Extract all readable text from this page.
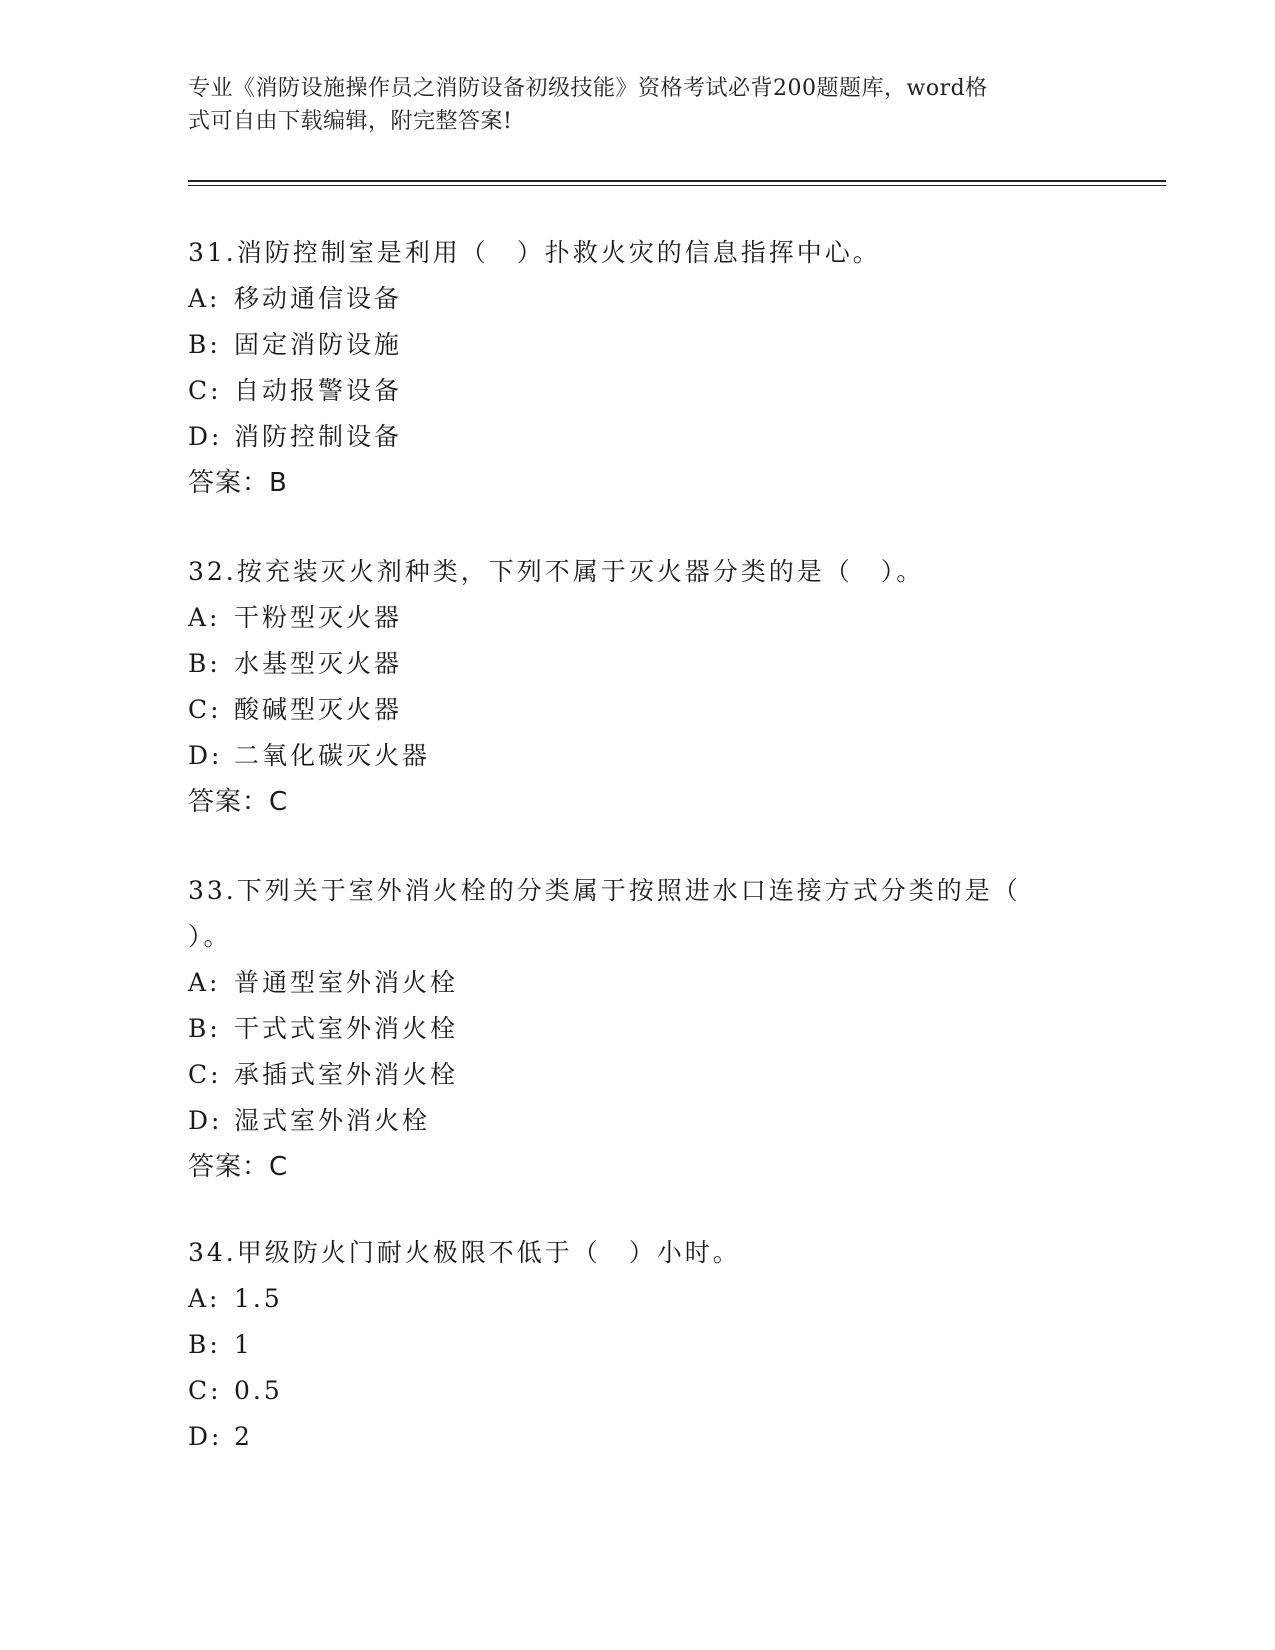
专业《消防设施操作员之消防设备初级技能》资格考试必背200题题库，word格
式可自由下载编辑，附完整答案!
31.消防控制室是利用（　）扑救火灾的信息指挥中心。
A: 移动通信设备
B: 固定消防设施
C: 自动报警设备
D: 消防控制设备
答案：B
32.按充装灭火剂种类，下列不属于灭火器分类的是（　）。
A: 干粉型灭火器
B: 水基型灭火器
C: 酸碱型灭火器
D: 二氧化碳灭火器
答案：C
33.下列关于室外消火栓的分类属于按照进水口连接方式分类的是（
）。
A: 普通型室外消火栓
B: 干式式室外消火栓
C: 承插式室外消火栓
D: 湿式室外消火栓
答案：C
34.甲级防火门耐火极限不低于（　）小时。
A: 1.5
B: 1
C: 0.5
D: 2
